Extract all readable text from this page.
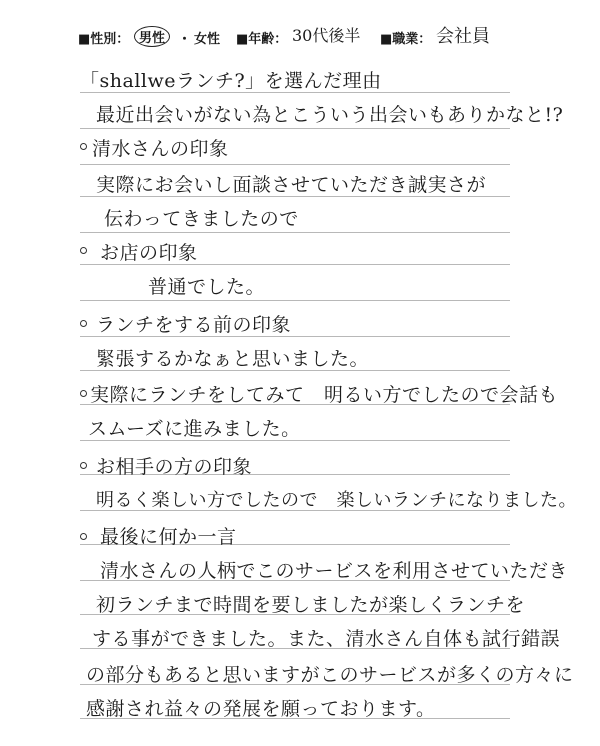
■性別： 男性 ・ 女性 ■年齢： 30代後半 ■職業： 会社員
「shallweランチ?」を選んだ理由
最近出会いがない為とこういう出会いもありかなと!?
清水さんの印象
実際にお会いし面談させていただき誠実さが
伝わってきましたので
お店の印象
普通でした。
ランチをする前の印象
緊張するかなぁと思いました。
実際にランチをしてみて　明るい方でしたので会話も
スムーズに進みました。
お相手の方の印象
明るく楽しい方でしたので　楽しいランチになりました。
最後に何か一言
清水さんの人柄でこのサービスを利用させていただき
初ランチまで時間を要しましたが楽しくランチを
する事ができました。また、清水さん自体も試行錯誤
の部分もあると思いますがこのサービスが多くの方々に
感謝され益々の発展を願っております。
